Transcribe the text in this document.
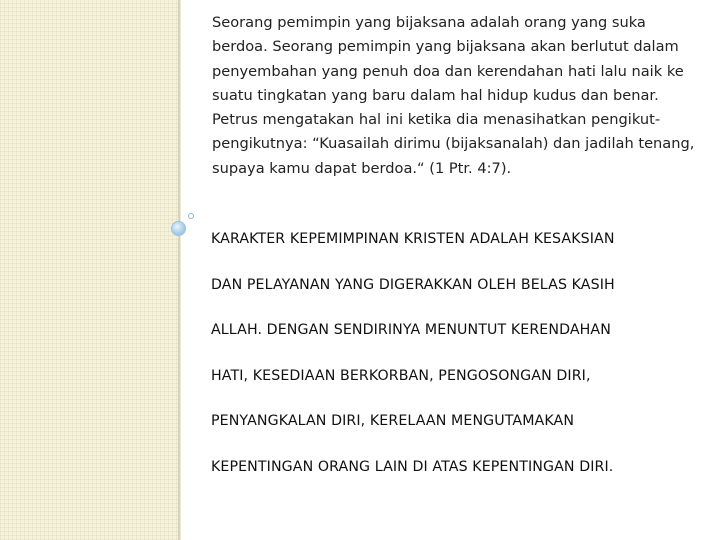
Seorang pemimpin yang bijaksana adalah orang yang suka berdoa. Seorang pemimpin yang bijaksana akan berlutut dalam penyembahan yang penuh doa dan kerendahan hati lalu naik ke suatu tingkatan yang baru dalam hal hidup kudus dan benar. Petrus mengatakan hal ini ketika dia menasihatkan pengikut-pengikutnya: “Kuasailah dirimu (bijaksanalah) dan jadilah tenang, supaya kamu dapat berdoa.“ (1 Ptr. 4:7).

KARAKTER KEPEMIMPINAN KRISTEN ADALAH KESAKSIAN
DAN PELAYANAN YANG DIGERAKKAN OLEH BELAS KASIH
ALLAH. DENGAN SENDIRINYA MENUNTUT KERENDAHAN
HATI, KESEDIAAN BERKORBAN, PENGOSONGAN DIRI,
PENYANGKALAN DIRI, KERELAAN MENGUTAMAKAN
KEPENTINGAN ORANG LAIN DI ATAS KEPENTINGAN DIRI.
